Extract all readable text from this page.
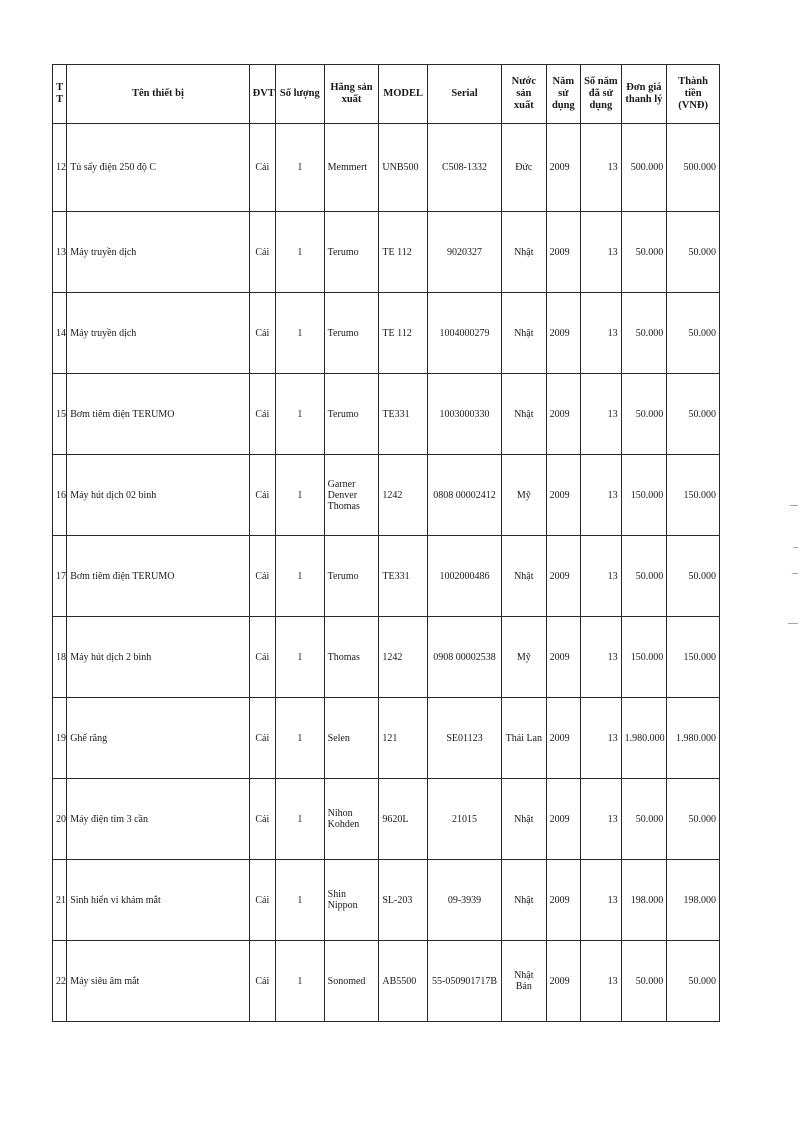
T T	Tên thiết bị	ĐVT	Số lượng	Hãng sản xuất	MODEL	Serial	Nước sản xuất	Năm sử dụng	Số năm đã sử dụng	Đơn giá thanh lý	Thành tiền (VNĐ)
12	Tủ sấy điện 250 độ C	Cái	1	Memmert	UNB500	C508-1332	Đức	2009	13	500.000	500.000
13	Máy truyền dịch	Cái	1	Terumo	TE 112	9020327	Nhật	2009	13	50.000	50.000
14	Máy truyền dịch	Cái	1	Terumo	TE 112	1004000279	Nhật	2009	13	50.000	50.000
15	Bơm tiêm điện TERUMO	Cái	1	Terumo	TE331	1003000330	Nhật	2009	13	50.000	50.000
16	Máy hút dịch 02 bình	Cái	1	Garner Denver Thomas	1242	0808 00002412	Mỹ	2009	13	150.000	150.000
17	Bơm tiêm điện TERUMO	Cái	1	Terumo	TE331	1002000486	Nhật	2009	13	50.000	50.000
18	Máy hút dịch 2 bình	Cái	1	Thomas	1242	0908 00002538	Mỹ	2009	13	150.000	150.000
19	Ghế răng	Cái	1	Selen	121	SE01123	Thái Lan	2009	13	1.980.000	1.980.000
20	Máy điện tim 3 cần	Cái	1	Nihon Kohden	9620L	21015	Nhật	2009	13	50.000	50.000
21	Sinh hiển vi khám mắt	Cái	1	Shin Nippon	SL-203	09-3939	Nhật	2009	13	198.000	198.000
22	Máy siêu âm mắt	Cái	1	Sonomed	AB5500	55-050901717B	Nhật Bản	2009	13	50.000	50.000
